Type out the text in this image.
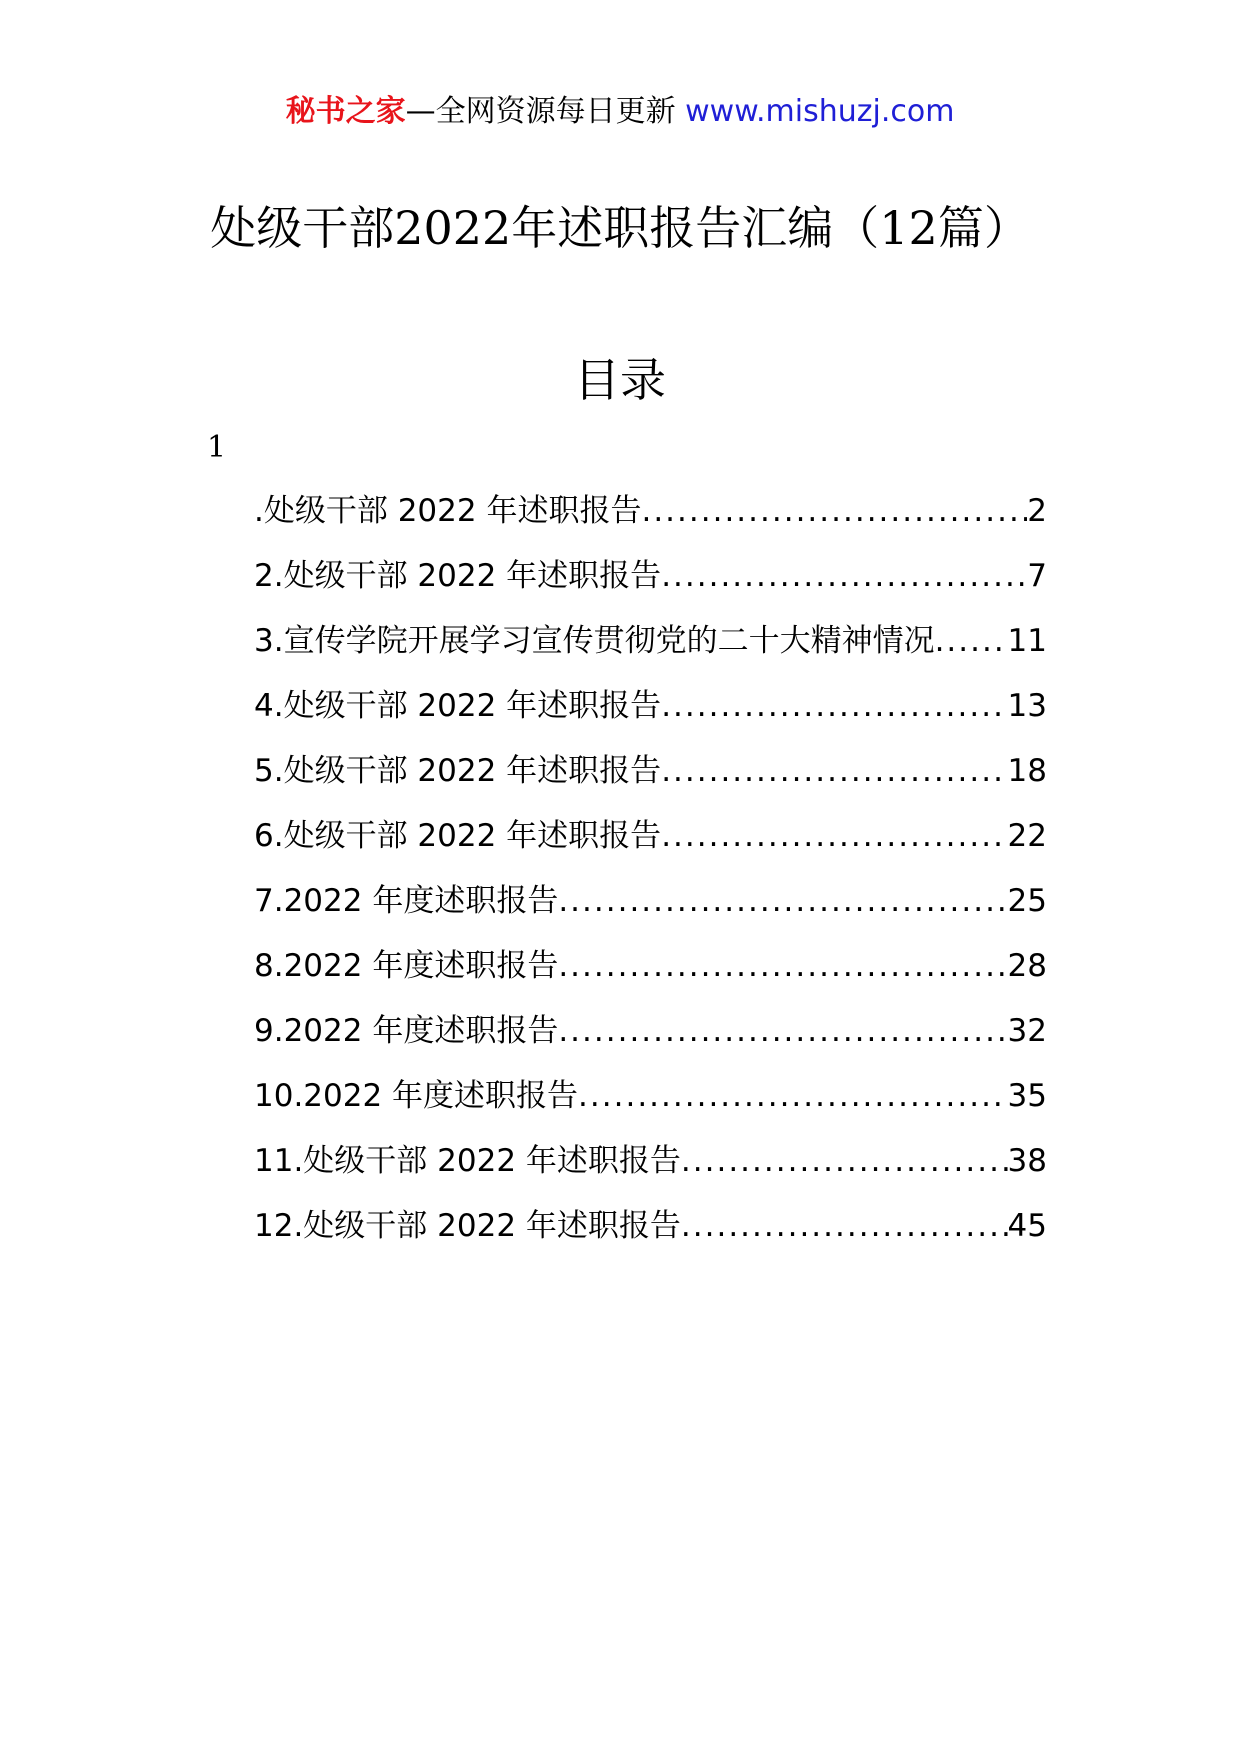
秘书之家—全网资源每日更新 www.mishuzj.com
处级干部2022年述职报告汇编（12篇）
目录
1
.处级干部 2022 年述职报告 .....	2
2.处级干部 2022 年述职报告 .....	7
3.宣传学院开展学习宣传贯彻党的二十大精神情况 ..... 11
4.处级干部 2022 年述职报告 .....	13
5.处级干部 2022 年述职报告 .....	18
6.处级干部 2022 年述职报告 .....	22
7.2022 年度述职报告 .....	25
8.2022 年度述职报告 .....	28
9.2022 年度述职报告 .....	32
10.2022 年度述职报告 .....	35
11.处级干部 2022 年述职报告 .....	38
12.处级干部 2022 年述职报告 .....	45
